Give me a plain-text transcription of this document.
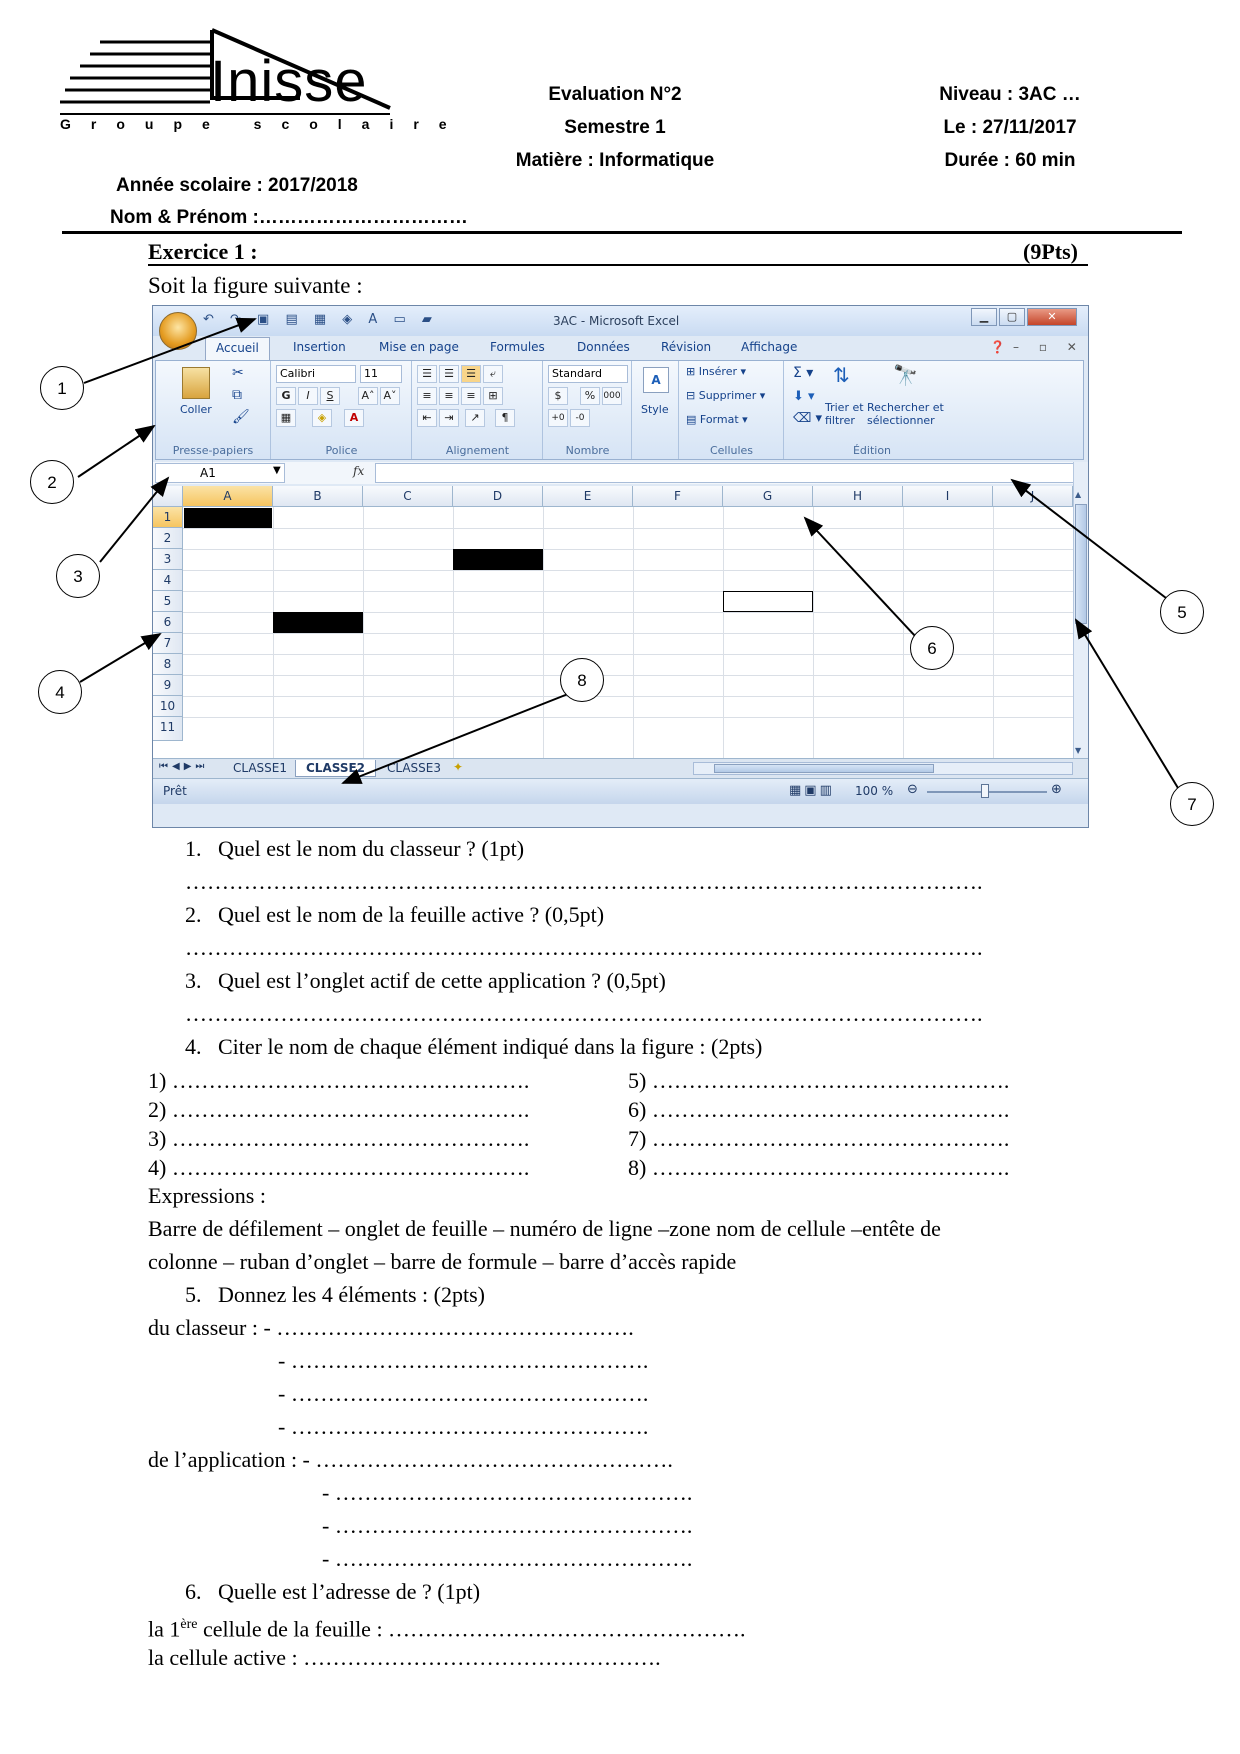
Inisse
Groupe scolaire
Evaluation N°2
Semestre 1
Matière : Informatique
Niveau : 3AC …
Le : 27/11/2017
Durée : 60 min
Année scolaire : 2017/2018
Nom & Prénom :……………………………
Exercice 1 :	(9Pts)
Soit la figure suivante :
↶ ↷ ▣ ▤ ▦ ◈ A ▭ ▰	3AC - Microsoft Excel	▁	▢	✕
Accueil	Insertion	Mise en page	Formules	Données	Révision Affichage	❓ – ▫ ✕
Coller
✂
⧉
🖌
Presse-papiers
Calibri	11
G	I	S	A˄ A˅
▦	◈	A
Police
☰	☰	☰	⤶
≡	≡	≡	⊞
⇤	⇥	↗	¶
Alignement
Standard
$	% 000
+0	-0
Nombre
A
Style
⊞ Insérer ▾
⊟ Supprimer ▾
▤ Format ▾
Cellules
Σ ▾
⬇ ▾
⌫ ▾
⇅
Trier et
filtrer
🔭
Rechercher et
sélectionner
Édition
A1	▼	fx
A	B	C	D	E	F	G	H	I	J
1
2
3
4
5
6
7
8
9
10
11
▲
▼
⏮◀▶⏭	CLASSE1	CLASSE2	CLASSE3	✦
Prêt	▦▣▥ 100 % ⊖	⊕
1
2
3
4
5
6
7
8
1.   Quel est le nom du classeur ? (1pt)
……………………………………………………………………………………………….
2.   Quel est le nom de la feuille active ? (0,5pt)
……………………………………………………………………………………………….
3.   Quel est l’onglet actif de cette application ? (0,5pt)
……………………………………………………………………………………………….
4.   Citer le nom de chaque élément indiqué dans la figure : (2pts)
1) ………………………………………….
2) ………………………………………….
3) ………………………………………….
4) ………………………………………….
5) ………………………………………….
6) ………………………………………….
7) ………………………………………….
8) ………………………………………….
Expressions :
Barre de défilement – onglet de feuille – numéro de ligne –zone nom de cellule –entête de
colonne – ruban d’onglet – barre de formule – barre d’accès rapide
5.   Donnez les 4 éléments : (2pts)
du classeur : - ………………………………………….
- ………………………………………….
- ………………………………………….
- ………………………………………….
de l’application : - ………………………………………….
- ………………………………………….
- ………………………………………….
- ………………………………………….
6.   Quelle est l’adresse de ? (1pt)
la 1ère cellule de la feuille : ………………………………………….
la cellule active : ………………………………………….
